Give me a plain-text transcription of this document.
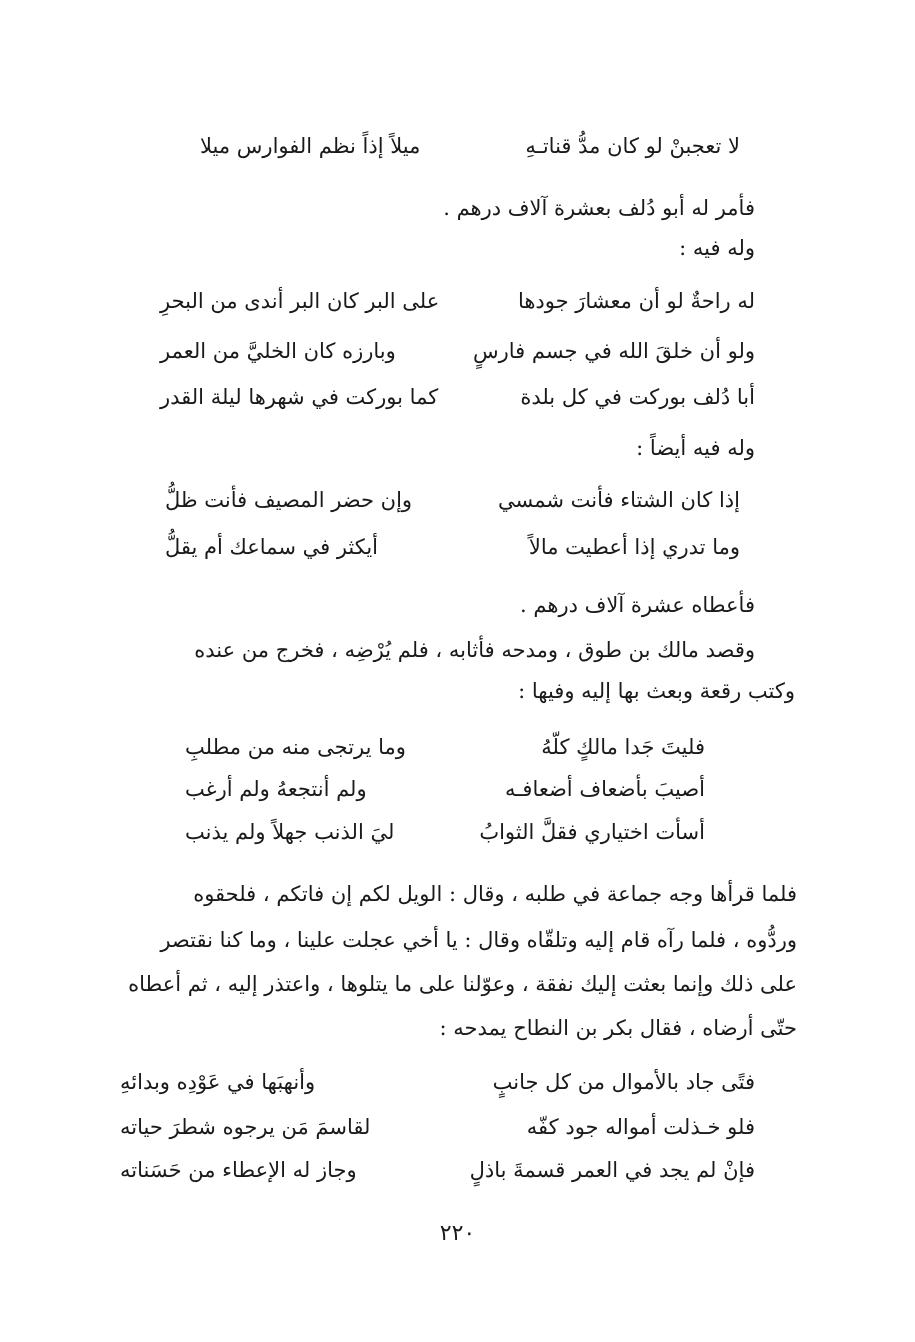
لا تعجبنْ لو كان مدُّ قناتـهِ
ميلاً إذاً نظم الفوارس ميلا
فأمر له أبو دُلف بعشرة آلاف درهم .
وله فيه :
له راحةٌ لو أن معشارَ جودها
على البر كان البر أندى من البحرِ
ولو أن خلقَ الله في جسم فارسٍ
وبارزه كان الخليَّ من العمر
أبا دُلف بوركت في كل بلدة
كما بوركت في شهرها ليلة القدر
وله فيه أيضاً :
إذا كان الشتاء فأنت شمسي
وإن حضر المصيف فأنت ظلُّ
وما تدري إذا أعطيت مالاً
أيكثر في سماعك أم يقلُّ
فأعطاه عشرة آلاف درهم .
وقصد مالك بن طوق ، ومدحه فأثابه ، فلم يُرْضِه ، فخرج من عنده
وكتب رقعة وبعث بها إليه وفيها :
فليتَ جَدا مالكٍ كلّهُ
وما يرتجى منه من مطلبِ
أصيبَ بأضعاف أضعافـه
ولم أنتجعهُ ولم أرغب
أسأت اختياري فقلَّ الثوابُ
ليَ الذنب جهلاً ولم يذنب
فلما قرأها وجه جماعة في طلبه ، وقال : الويل لكم إن فاتكم ، فلحقوه
وردُّوه ، فلما رآه قام إليه وتلقّاه وقال : يا أخي عجلت علينا ، وما كنا نقتصر
على ذلك وإنما بعثت إليك نفقة ، وعوّلنا على ما يتلوها ، واعتذر إليه ، ثم أعطاه
حتّى أرضاه ، فقال بكر بن النطاح يمدحه :
فتًى جاد بالأموال من كل جانبٍ
وأنهبَها في عَوْدِه وبدائهِ
فلو خـذلت أمواله جود كفّه
لقاسمَ مَن يرجوه شطرَ حياته
فإنْ لم يجد في العمر قسمةَ باذلٍ
وجاز له الإعطاء من حَسَناته
٢٢٠
